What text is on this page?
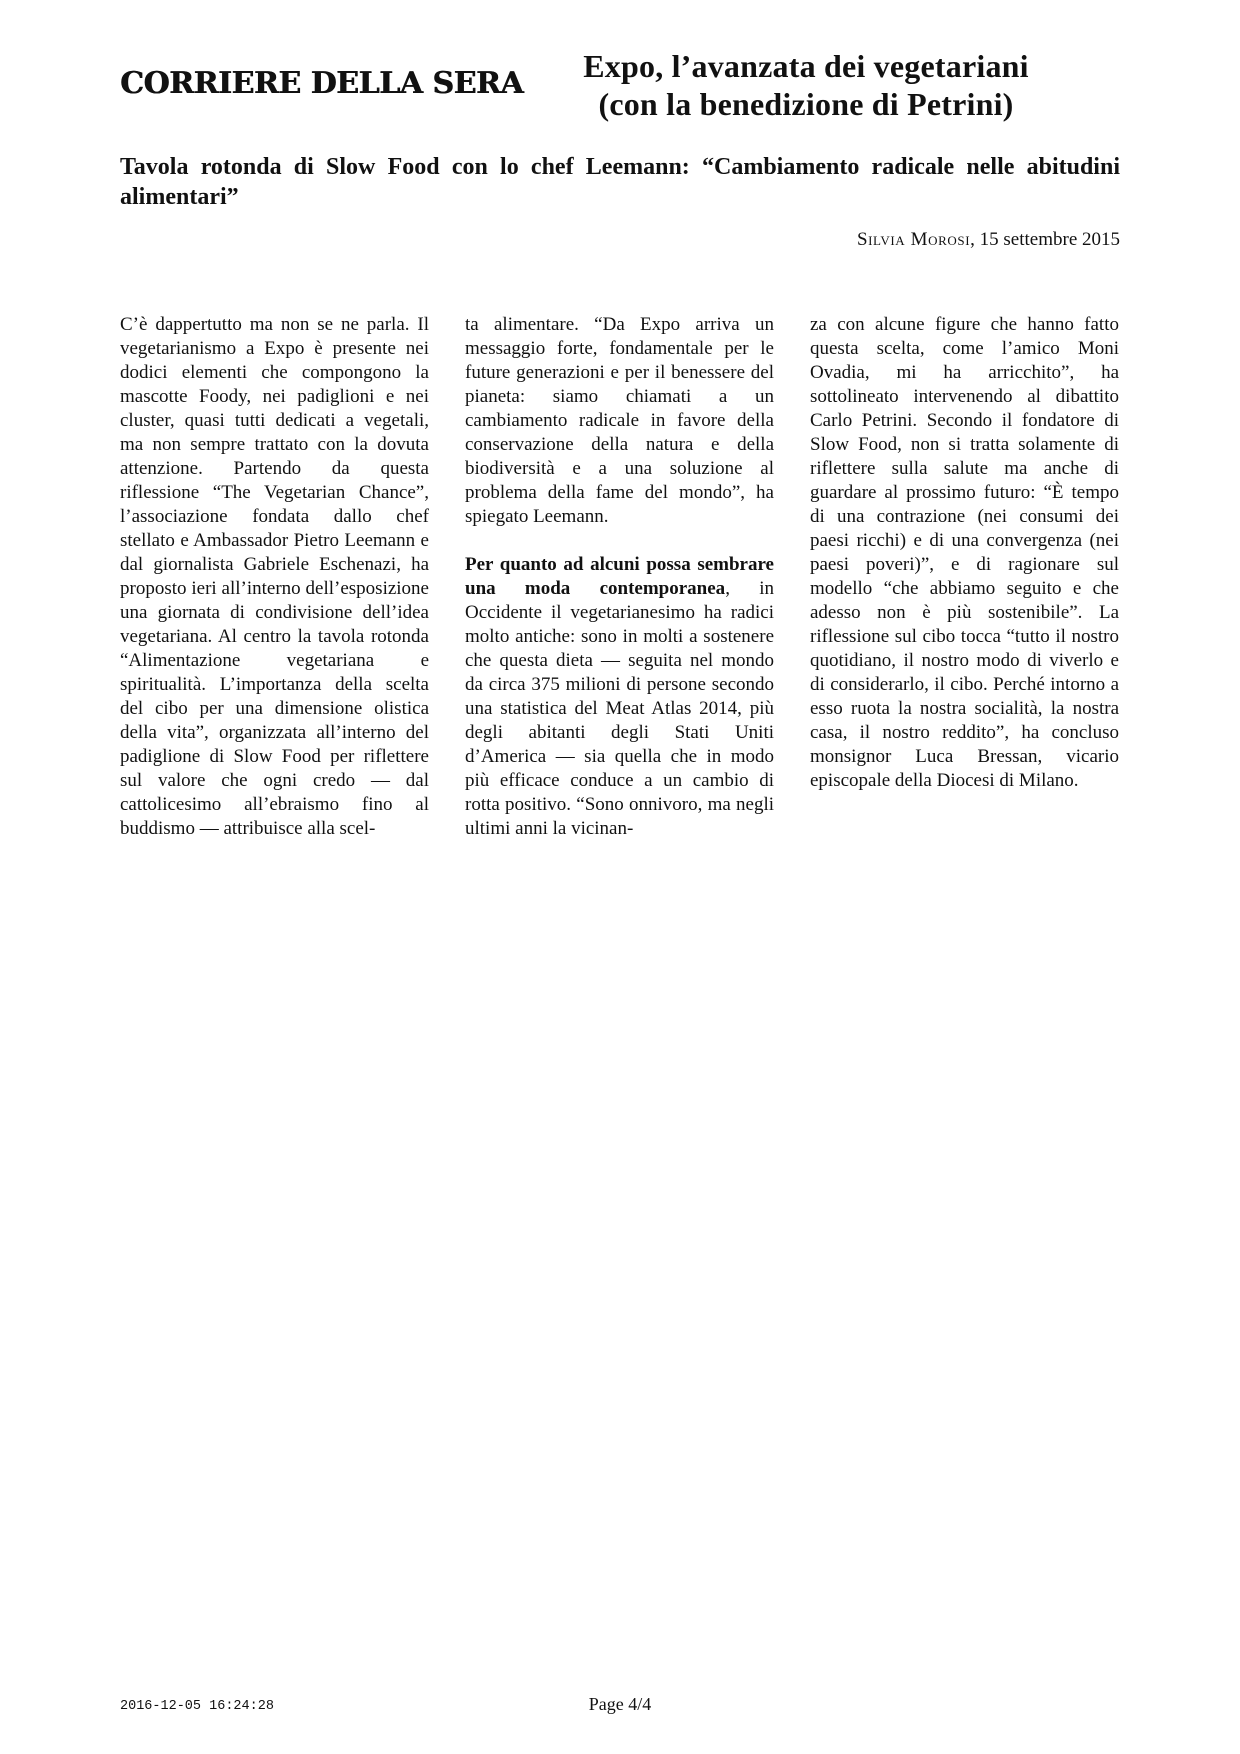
CORRIERE DELLA SERA	Expo, l’avanzata dei vegetariani
(con la benedizione di Petrini)
Tavola rotonda di Slow Food con lo chef Leemann: “Cambiamento radicale nelle abitudini alimentari”
Silvia Morosi, 15 settembre 2015

C’è dappertutto ma non se ne parla. Il vegetarianismo a Expo è presente nei dodici elementi che compongono la mascotte Foody, nei padiglioni e nei cluster, quasi tutti dedicati a vegetali, ma non sempre trattato con la dovuta attenzione. Partendo da questa riflessione “The Vegetarian Chance”, l’associazione fondata dallo chef stellato e Ambassador Pietro Leemann e dal giornalista Gabriele Eschenazi, ha proposto ieri all’interno dell’esposizione una giornata di condivisione dell’idea vegetariana. Al centro la tavola rotonda “Alimentazione vegetariana e spiritualità. L’importanza della scelta del cibo per una dimensione olistica della vita”, organizzata all’interno del padiglione di Slow Food per riflettere sul valore che ogni credo — dal cattolicesimo all’ebraismo fino al buddismo — attribuisce alla scel-

ta alimentare. “Da Expo arriva un messaggio forte, fondamentale per le future generazioni e per il benessere del pianeta: siamo chiamati a un cambiamento radicale in favore della conservazione della natura e della biodiversità e a una soluzione al problema della fame del mondo”, ha spiegato Leemann.

Per quanto ad alcuni possa sembrare una moda contemporanea, in Occidente il vegetarianesimo ha radici molto antiche: sono in molti a sostenere che questa dieta — seguita nel mondo da circa 375 milioni di persone secondo una statistica del Meat Atlas 2014, più degli abitanti degli Stati Uniti d’America — sia quella che in modo più efficace conduce a un cambio di rotta positivo. “Sono onnivoro, ma negli ultimi anni la vicinan-

za con alcune figure che hanno fatto questa scelta, come l’amico Moni Ovadia, mi ha arricchito”, ha sottolineato intervenendo al dibattito Carlo Petrini. Secondo il fondatore di Slow Food, non si tratta solamente di riflettere sulla salute ma anche di guardare al prossimo futuro: “È tempo di una contrazione (nei consumi dei paesi ricchi) e di una convergenza (nei paesi poveri)”, e di ragionare sul modello “che abbiamo seguito e che adesso non è più sostenibile”. La riflessione sul cibo tocca “tutto il nostro quotidiano, il nostro modo di viverlo e di considerarlo, il cibo. Perché intorno a esso ruota la nostra socialità, la nostra casa, il nostro reddito”, ha concluso monsignor Luca Bressan, vicario episcopale della Diocesi di Milano.

2016-12-05 16:24:28	Page 4/4
